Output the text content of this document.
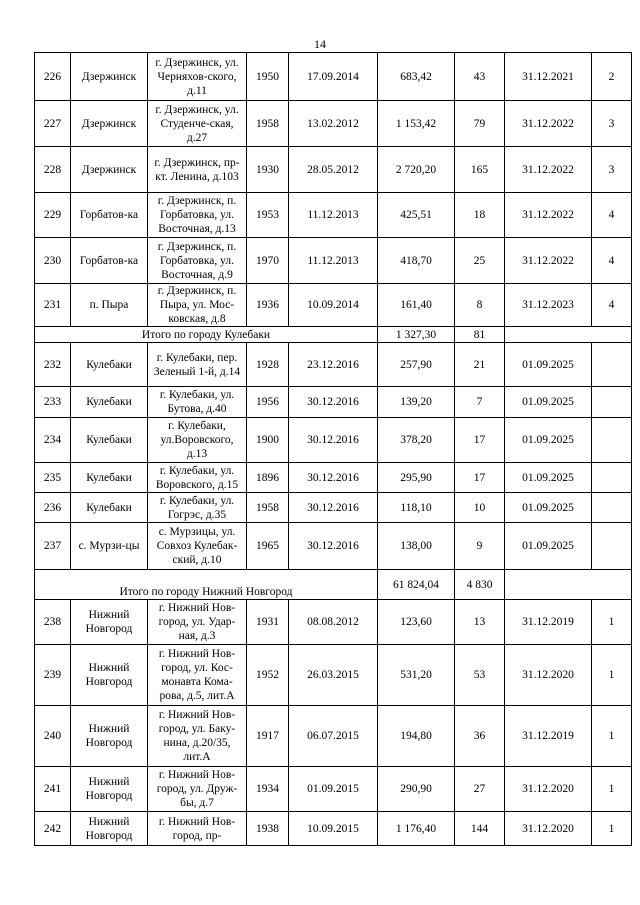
14
226	Дзержинск	г. Дзержинск, ул. Черняхов-ского, д.11	1950	17.09.2014	683,42	43	31.12.2021	2
227	Дзержинск	г. Дзержинск, ул. Студенче-ская, д.27	1958	13.02.2012	1 153,42	79	31.12.2022	3
228	Дзержинск	г. Дзержинск, пр-кт. Ленина, д.103	1930	28.05.2012	2 720,20	165	31.12.2022	3
229	Горбатов-ка	г. Дзержинск, п. Горбатовка, ул. Восточная, д.13	1953	11.12.2013	425,51	18	31.12.2022	4
230	Горбатов-ка	г. Дзержинск, п. Горбатовка, ул. Восточная, д.9	1970	11.12.2013	418,70	25	31.12.2022	4
231	п. Пыра	г. Дзержинск, п. Пыра, ул. Мос-ковская, д.8	1936	10.09.2014	161,40	8	31.12.2023	4
Итого по городу Кулебаки					1 327,30	81		
232	Кулебаки	г. Кулебаки, пер. Зеленый 1-й, д.14	1928	23.12.2016	257,90	21	01.09.2025	
233	Кулебаки	г. Кулебаки, ул. Бутова, д.40	1956	30.12.2016	139,20	7	01.09.2025	
234	Кулебаки	г. Кулебаки, ул.Воровского, д.13	1900	30.12.2016	378,20	17	01.09.2025	
235	Кулебаки	г. Кулебаки, ул. Воровского, д.15	1896	30.12.2016	295,90	17	01.09.2025	
236	Кулебаки	г. Кулебаки, ул. Гогрэс, д.35	1958	30.12.2016	118,10	10	01.09.2025	
237	с. Мурзи-цы	с. Мурзицы, ул. Совхоз Кулебак-ский, д.10	1965	30.12.2016	138,00	9	01.09.2025	
Итого по городу Нижний Новгород					61 824,04	4 830		
238	Нижний Новгород	г. Нижний Нов-город, ул. Удар-ная, д.3	1931	08.08.2012	123,60	13	31.12.2019	1
239	Нижний Новгород	г. Нижний Нов-город, ул. Кос-монавта Кома-рова, д.5, лит.А	1952	26.03.2015	531,20	53	31.12.2020	1
240	Нижний Новгород	г. Нижний Нов-город, ул. Баку-нина, д.20/35, лит.А	1917	06.07.2015	194,80	36	31.12.2019	1
241	Нижний Новгород	г. Нижний Нов-город, ул. Друж-бы, д.7	1934	01.09.2015	290,90	27	31.12.2020	1
242	Нижний Новгород	г. Нижний Нов-город, пр-	1938	10.09.2015	1 176,40	144	31.12.2020	1
